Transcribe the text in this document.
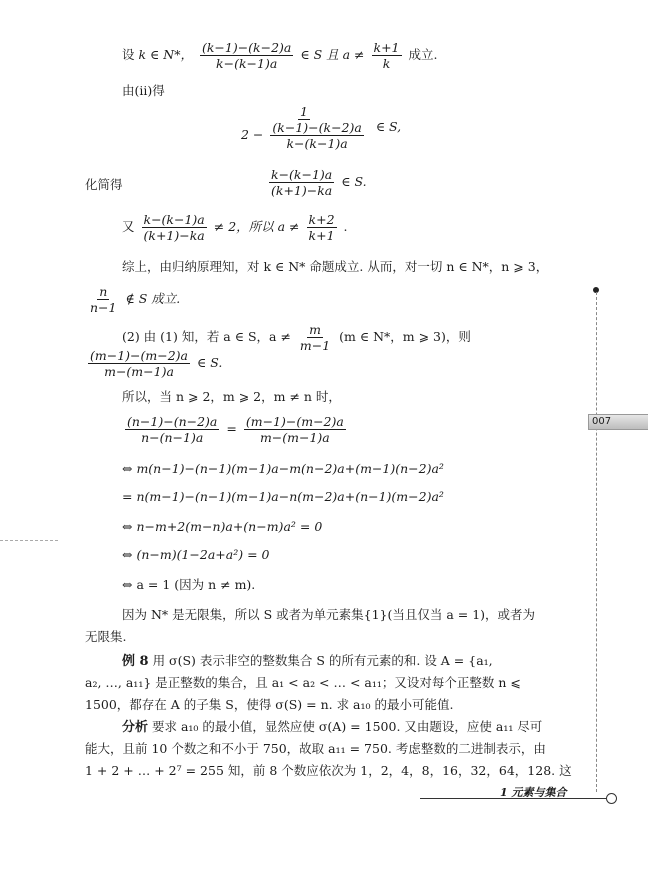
设 k ∈ N*， $\frac{(k-1)-(k-2)a}{k-(k-1)a}$ ∈ S 且 $a \ne \frac{k+1}{k}$ 成立.
由(ii)得
$\frac{1}{2 - \frac{(k-1)-(k-2)a}{k-(k-1)a}}$ ∈ S,
化简得	$\frac{k-(k-1)a}{(k+1)-ka}$ ∈ S.
又 $\frac{k-(k-1)a}{(k+1)-ka} \ne 2$，所以 $a \ne \frac{k+2}{k+1}$ .
综上，由归纳原理知，对 k ∈ N* 命题成立. 从而，对一切 n ∈ N*，n ⩾ 3，
$\frac{n}{n-1}$ ∉ S 成立.
(2) 由 (1) 知，若 a ∈ S，$a \ne \frac{m}{m-1} (m$ ∈ N*，m ⩾ 3)，则
$\frac{(m-1)-(m-2)a}{m-(m-1)a}$ ∈ S.
所以，当 n ⩾ 2，m ⩾ 2，m ≠ n 时，
$\frac{(n-1)-(n-2)a}{n-(n-1)a} = \frac{(m-1)-(m-2)a}{m-(m-1)a}$
⇔ m(n−1)−(n−1)(m−1)a−m(n−2)a+(m−1)(n−2)a²
= n(m−1)−(n−1)(m−1)a−n(m−2)a+(n−1)(m−2)a²
⇔ n−m+2(m−n)a+(n−m)a² = 0
⇔ (n−m)(1−2a+a²) = 0
⇔ a = 1 (因为 n ≠ m).
因为 N* 是无限集，所以 S 或者为单元素集{1}(当且仅当 a = 1)，或者为
无限集.
例 8 用 σ(S) 表示非空的整数集合 S 的所有元素的和. 设 A = {a₁,
a₂, …, a₁₁} 是正整数的集合，且 a₁ < a₂ < … < a₁₁；又设对每个正整数 n ⩽
1500，都存在 A 的子集 S，使得 σ(S) = n. 求 a₁₀ 的最小可能值.
分析 要求 a₁₀ 的最小值，显然应使 σ(A) = 1500. 又由题设，应使 a₁₁ 尽可
能大，且前 10 个数之和不小于 750，故取 a₁₁ = 750. 考虑整数的二进制表示，由
1 + 2 + … + 2⁷ = 255 知，前 8 个数应依次为 1，2，4，8，16，32，64，128. 这
007
1 元素与集合
